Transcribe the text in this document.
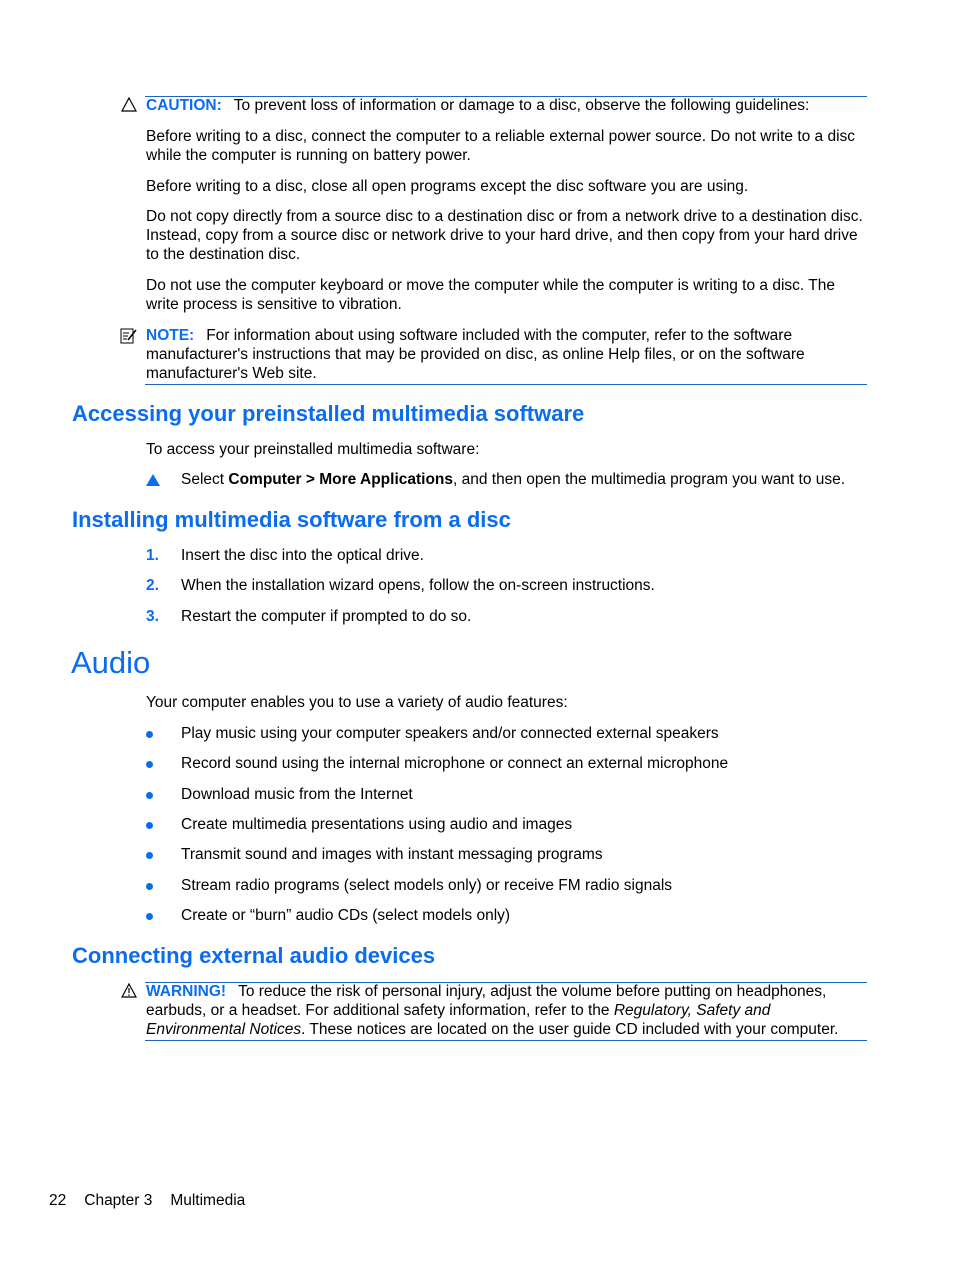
CAUTION: To prevent loss of information or damage to a disc, observe the following guidelines:

Before writing to a disc, connect the computer to a reliable external power source. Do not write to a disc while the computer is running on battery power.

Before writing to a disc, close all open programs except the disc software you are using.

Do not copy directly from a source disc to a destination disc or from a network drive to a destination disc. Instead, copy from a source disc or network drive to your hard drive, and then copy from your hard drive to the destination disc.

Do not use the computer keyboard or move the computer while the computer is writing to a disc. The write process is sensitive to vibration.

NOTE: For information about using software included with the computer, refer to the software manufacturer's instructions that may be provided on disc, as online Help files, or on the software manufacturer's Web site.

Accessing your preinstalled multimedia software

To access your preinstalled multimedia software:

Select Computer > More Applications, and then open the multimedia program you want to use.
Installing multimedia software from a disc
1.	Insert the disc into the optical drive.
2.	When the installation wizard opens, follow the on-screen instructions.
3.	Restart the computer if prompted to do so.
Audio

Your computer enables you to use a variety of audio features:

Play music using your computer speakers and/or connected external speakers
Record sound using the internal microphone or connect an external microphone
Download music from the Internet
Create multimedia presentations using audio and images
Transmit sound and images with instant messaging programs
Stream radio programs (select models only) or receive FM radio signals
Create or “burn” audio CDs (select models only)
Connecting external audio devices

WARNING! To reduce the risk of personal injury, adjust the volume before putting on headphones, earbuds, or a headset. For additional safety information, refer to the Regulatory, Safety and Environmental Notices. These notices are located on the user guide CD included with your computer.

22 Chapter 3 Multimedia
